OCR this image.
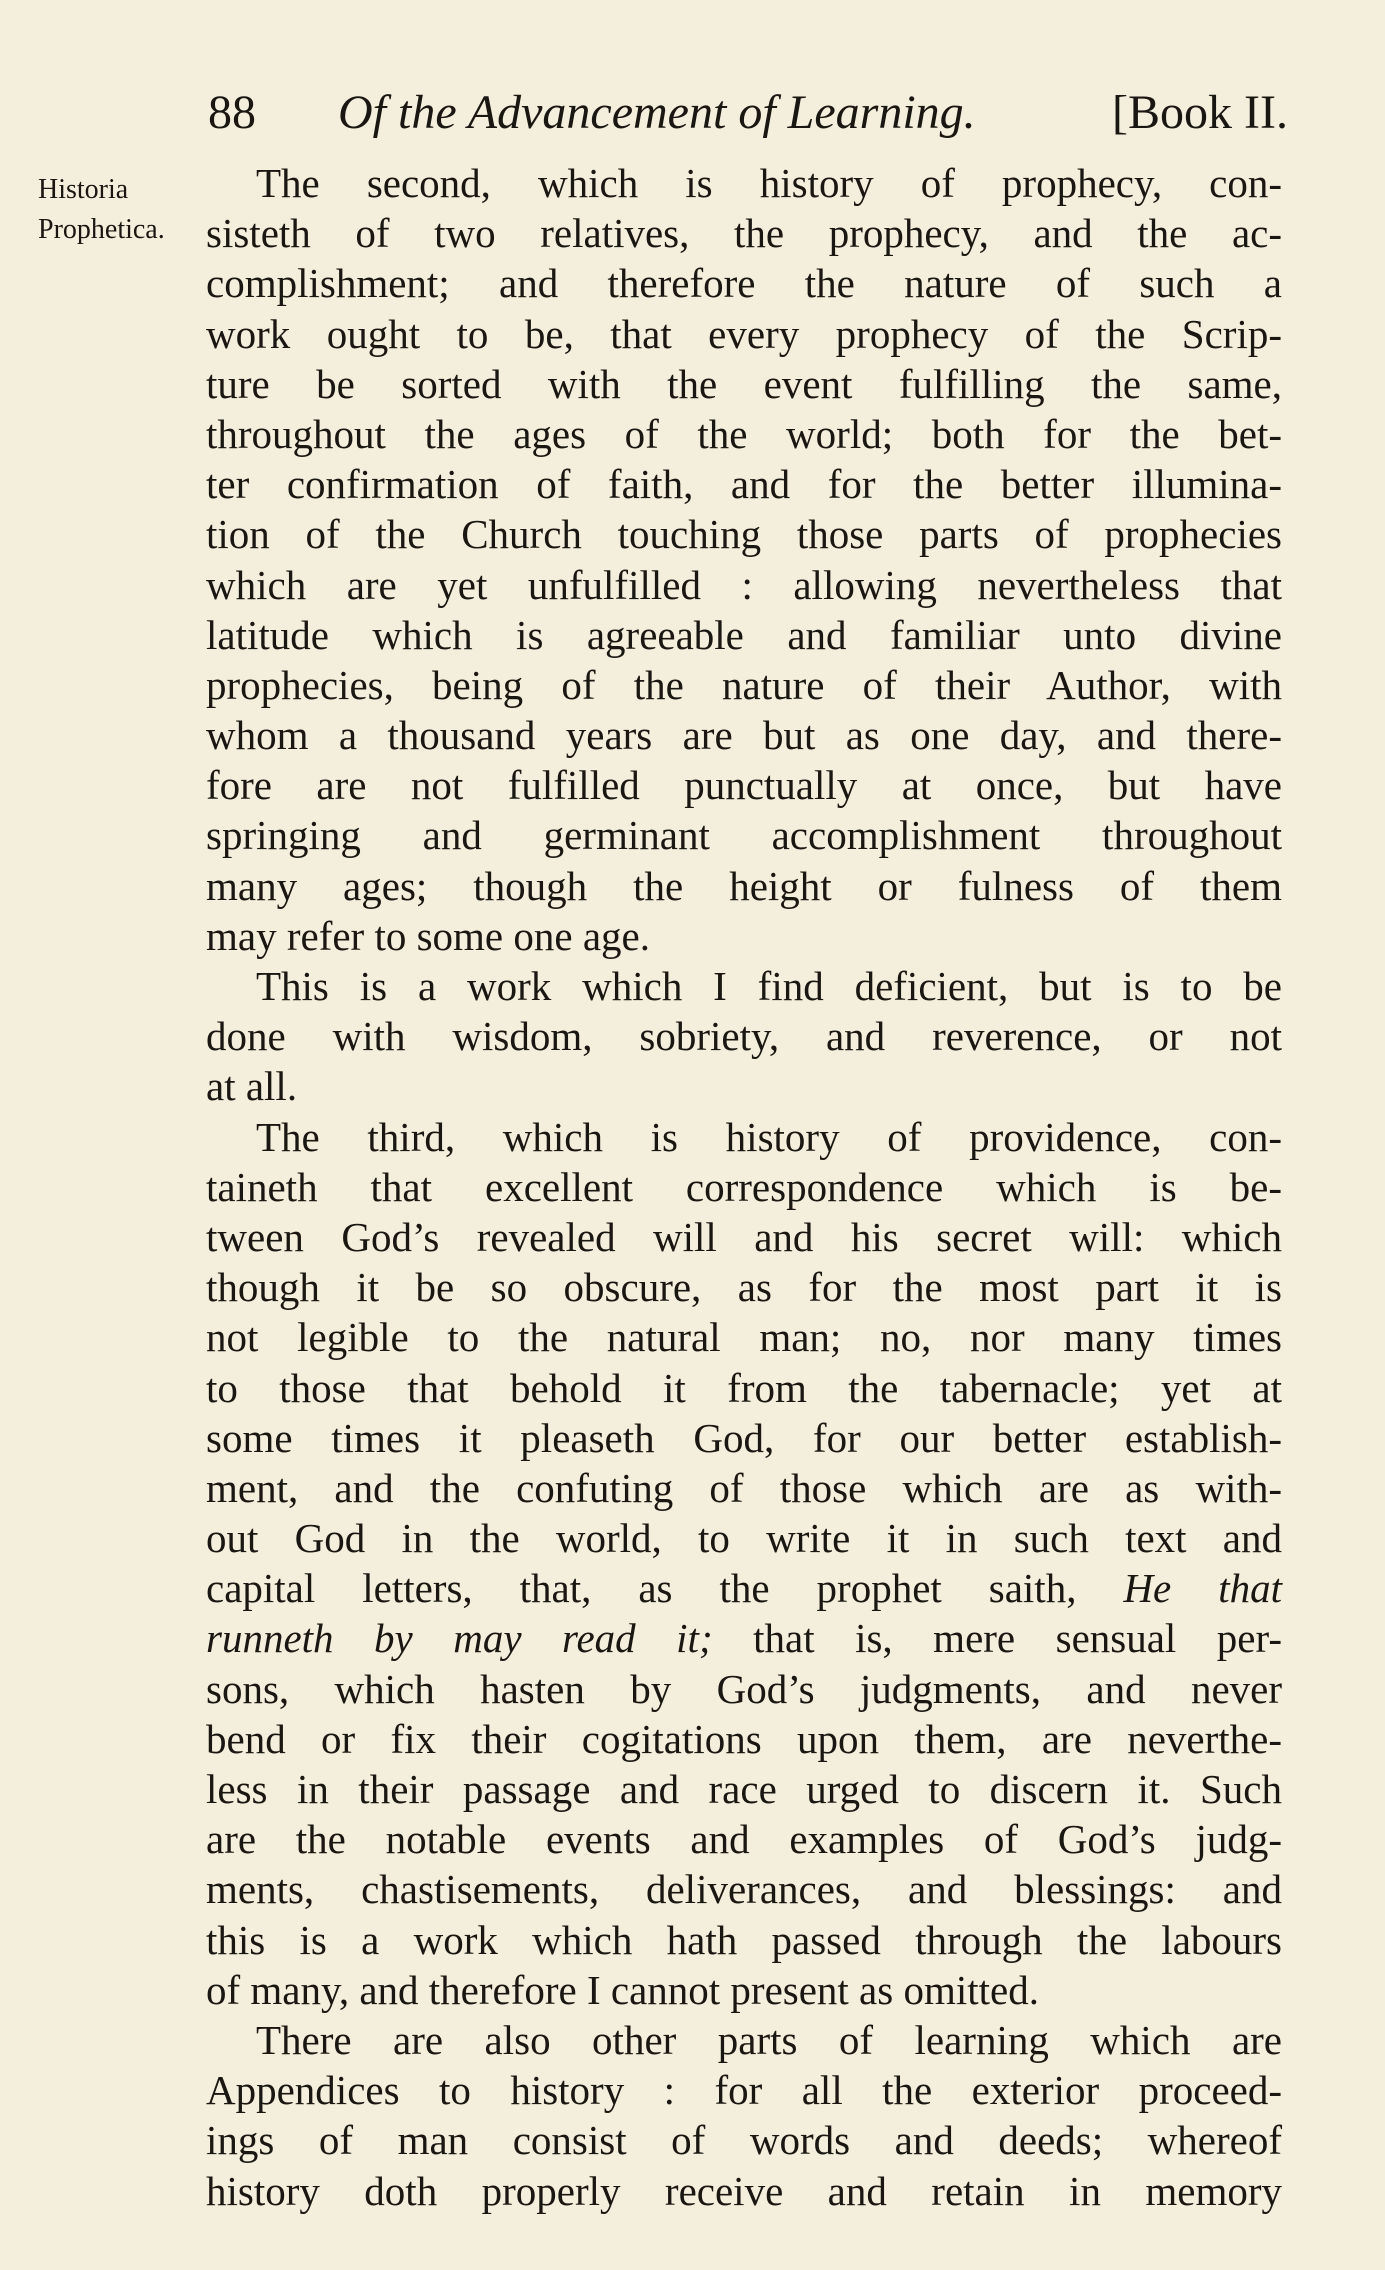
88 Of the Advancement of Learning.	[Book II.
Historia
Prophetica.
The second, which is history of prophecy, con-
sisteth of two relatives, the prophecy, and the ac-
complishment; and therefore the nature of such a
work ought to be, that every prophecy of the Scrip-
ture be sorted with the event fulfilling the same,
throughout the ages of the world; both for the bet-
ter confirmation of faith, and for the better illumina-
tion of the Church touching those parts of prophecies
which are yet unfulfilled : allowing nevertheless that
latitude which is agreeable and familiar unto divine
prophecies, being of the nature of their Author, with
whom a thousand years are but as one day, and there-
fore are not fulfilled punctually at once, but have
springing and germinant accomplishment throughout
many ages; though the height or fulness of them
may refer to some one age.
This is a work which I find deficient, but is to be
done with wisdom, sobriety, and reverence, or not
at all.
The third, which is history of providence, con-
taineth that excellent correspondence which is be-
tween God’s revealed will and his secret will: which
though it be so obscure, as for the most part it is
not legible to the natural man; no, nor many times
to those that behold it from the tabernacle; yet at
some times it pleaseth God, for our better establish-
ment, and the confuting of those which are as with-
out God in the world, to write it in such text and
capital letters, that, as the prophet saith, He that
runneth by may read it; that is, mere sensual per-
sons, which hasten by God’s judgments, and never
bend or fix their cogitations upon them, are neverthe-
less in their passage and race urged to discern it. Such
are the notable events and examples of God’s judg-
ments, chastisements, deliverances, and blessings: and
this is a work which hath passed through the labours
of many, and therefore I cannot present as omitted.
There are also other parts of learning which are
Appendices to history : for all the exterior proceed-
ings of man consist of words and deeds; whereof
history doth properly receive and retain in memory
